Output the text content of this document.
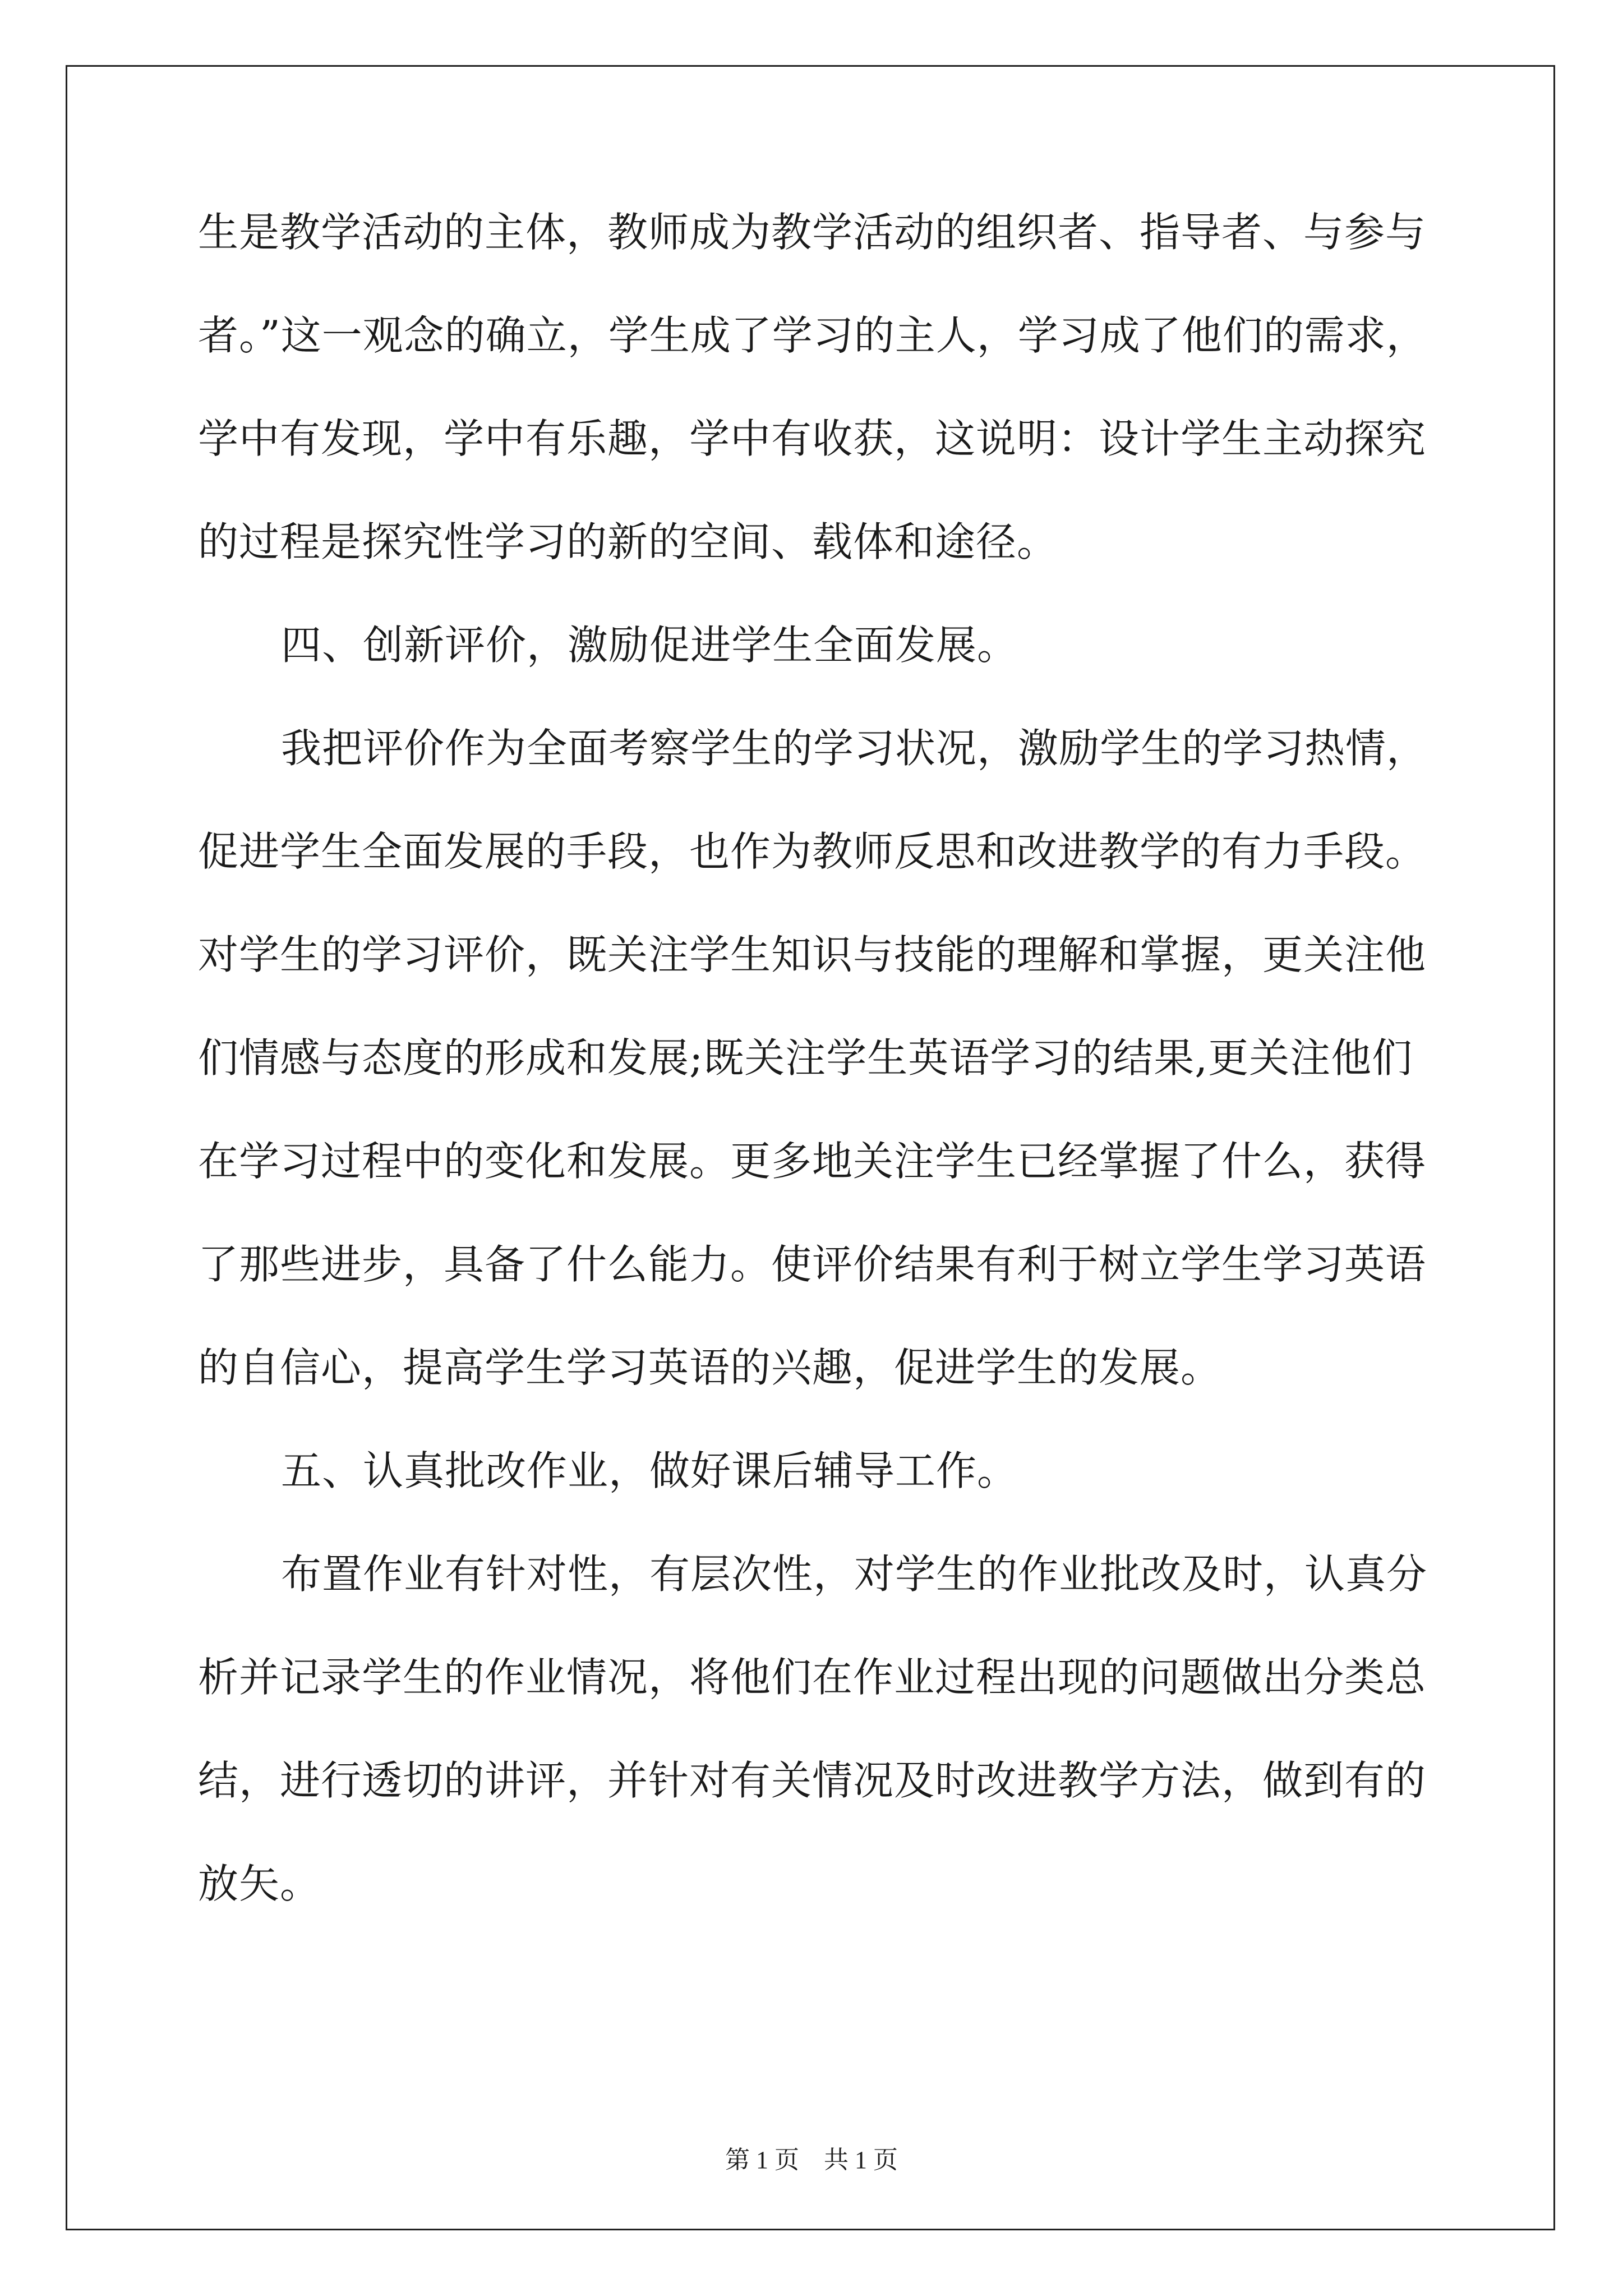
生是教学活动的主体，教师成为教学活动的组织者、指导者、与参与
者。”这一观念的确立，学生成了学习的主人，学习成了他们的需求，
学中有发现，学中有乐趣，学中有收获，这说明：设计学生主动探究
的过程是探究性学习的新的空间、载体和途径。
四、创新评价，激励促进学生全面发展。
我把评价作为全面考察学生的学习状况，激励学生的学习热情，
促进学生全面发展的手段，也作为教师反思和改进教学的有力手段。
对学生的学习评价，既关注学生知识与技能的理解和掌握，更关注他
们情感与态度的形成和发展;既关注学生英语学习的结果,更关注他们
在学习过程中的变化和发展。更多地关注学生已经掌握了什么，获得
了那些进步，具备了什么能力。使评价结果有利于树立学生学习英语
的自信心，提高学生学习英语的兴趣，促进学生的发展。
五、认真批改作业，做好课后辅导工作。
布置作业有针对性，有层次性，对学生的作业批改及时，认真分
析并记录学生的作业情况，将他们在作业过程出现的问题做出分类总
结，进行透切的讲评，并针对有关情况及时改进教学方法，做到有的
放矢。
第 1 页　共 1 页
